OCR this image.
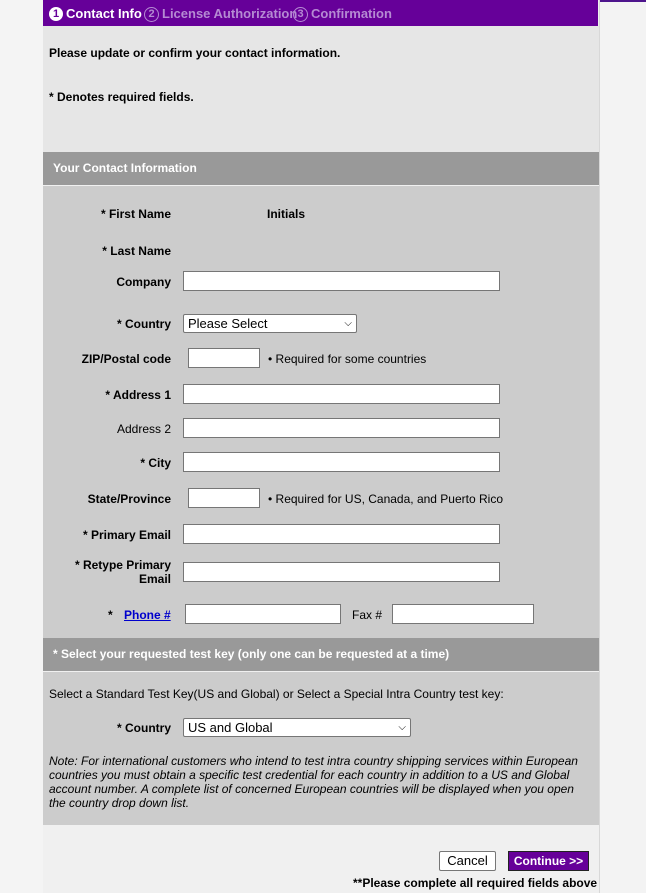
1 Contact Info 2 License Authorization 3 Confirmation

Please update or confirm your contact information.

* Denotes required fields.

Your Contact Information
* First Name	Initials
* Last Name
Company
* Country	Please Select	⌵
ZIP/Postal code	• Required for some countries
* Address 1
Address 2
* City
State/Province	• Required for US, Canada, and Puerto Rico
* Primary Email
* Retype Primary
Email
* Phone #	Fax #
* Select your requested test key (only one can be requested at a time)
Select a Standard Test Key(US and Global) or Select a Special Intra Country test key:
* Country	US and Global	⌵
Note: For international customers who intend to test intra country shipping services within European countries you must obtain a specific test credential for each country in addition to a US and Global account number. A complete list of concerned European countries will be displayed when you open the country drop down list.
Cancel	Continue >>
**Please complete all required fields above
